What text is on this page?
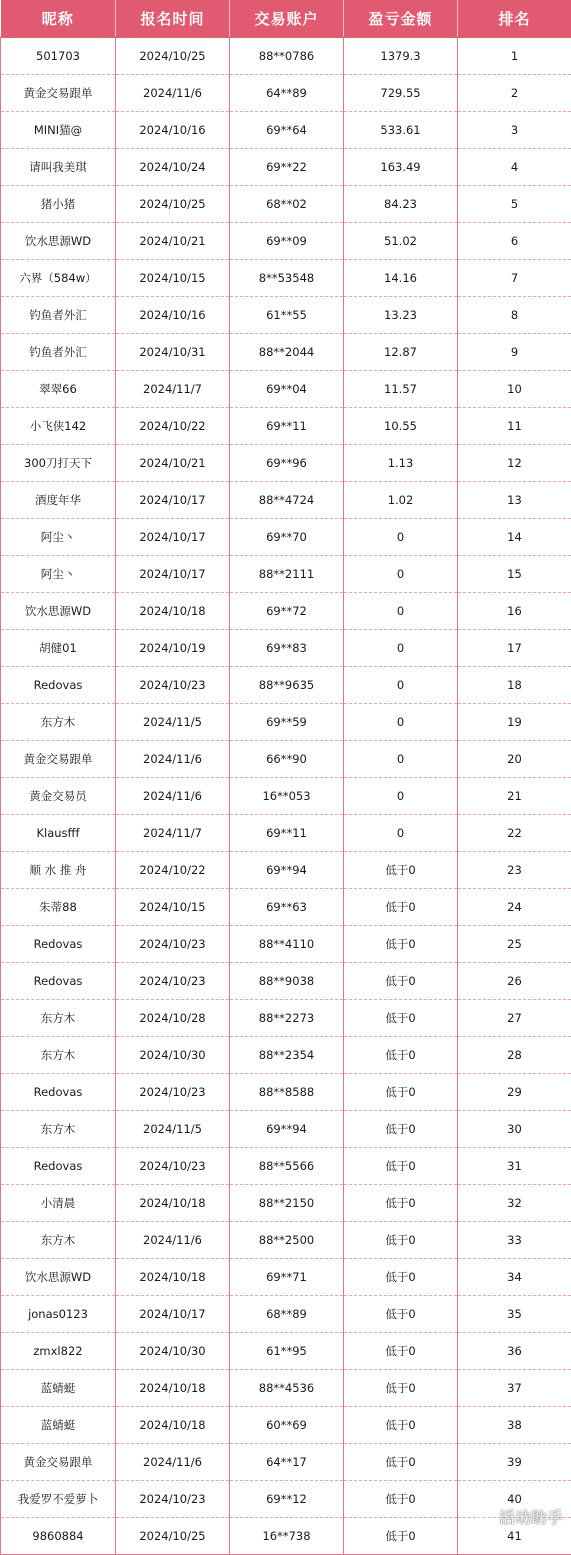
昵称	报名时间	交易账户	盈亏金额	排名
501703	2024/10/25	88**0786	1379.3	1
黄金交易跟单	2024/11/6	64**89	729.55	2
MINI猫@	2024/10/16	69**64	533.61	3
请叫我美琪	2024/10/24	69**22	163.49	4
猪小猪	2024/10/25	68**02	84.23	5
饮水思源WD	2024/10/21	69**09	51.02	6
六界（584w）	2024/10/15	8**53548	14.16	7
钓鱼者外汇	2024/10/16	61**55	13.23	8
钓鱼者外汇	2024/10/31	88**2044	12.87	9
翠翠66	2024/11/7	69**04	11.57	10
小飞侠142	2024/10/22	69**11	10.55	11
300刀打天下	2024/10/21	69**96	1.13	12
酒度年华	2024/10/17	88**4724	1.02	13
阿尘丶	2024/10/17	69**70	0	14
阿尘丶	2024/10/17	88**2111	0	15
饮水思源WD	2024/10/18	69**72	0	16
胡健01	2024/10/19	69**83	0	17
Redovas	2024/10/23	88**9635	0	18
东方木	2024/11/5	69**59	0	19
黄金交易跟单	2024/11/6	66**90	0	20
黄金交易员	2024/11/6	16**053	0	21
Klausfff	2024/11/7	69**11	0	22
顺 水 推 舟	2024/10/22	69**94	低于0	23
朱蒂88	2024/10/15	69**63	低于0	24
Redovas	2024/10/23	88**4110	低于0	25
Redovas	2024/10/23	88**9038	低于0	26
东方木	2024/10/28	88**2273	低于0	27
东方木	2024/10/30	88**2354	低于0	28
Redovas	2024/10/23	88**8588	低于0	29
东方木	2024/11/5	69**94	低于0	30
Redovas	2024/10/23	88**5566	低于0	31
小清晨	2024/10/18	88**2150	低于0	32
东方木	2024/11/6	88**2500	低于0	33
饮水思源WD	2024/10/18	69**71	低于0	34
jonas0123	2024/10/17	68**89	低于0	35
zmxl822	2024/10/30	61**95	低于0	36
蓝蜻蜓	2024/10/18	88**4536	低于0	37
蓝蜻蜓	2024/10/18	60**69	低于0	38
黄金交易跟单	2024/11/6	64**17	低于0	39
我爱罗不爱萝卜	2024/10/23	69**12	低于0	40
9860884	2024/10/25	16**738	低于0	41
活动助手
